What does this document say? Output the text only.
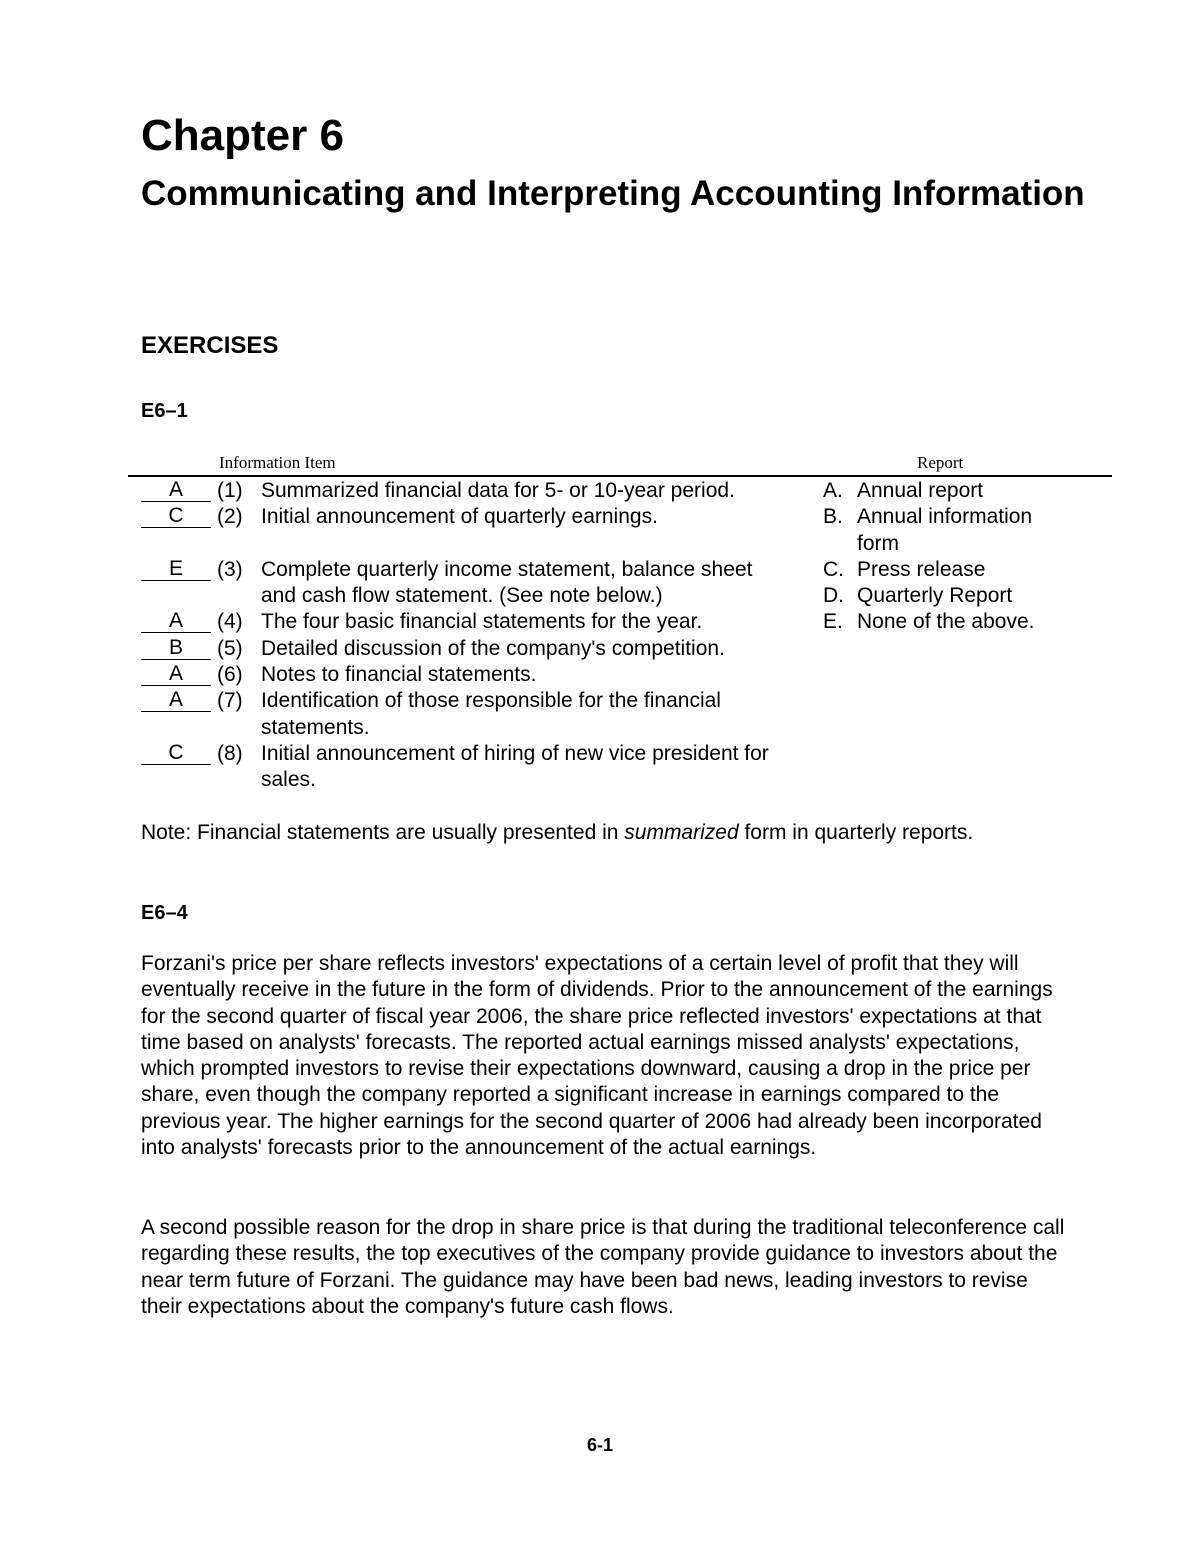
Chapter 6
Communicating and Interpreting Accounting Information
EXERCISES
E6–1
Information Item	Report
A	(1) Summarized financial data for 5- or 10-year period.
C	(2) Initial announcement of quarterly earnings.
E	(3) Complete quarterly income statement, balance sheet and cash flow statement. (See note below.)
A	(4) The four basic financial statements for the year.
B	(5) Detailed discussion of the company's competition.
A	(6) Notes to financial statements.
A	(7) Identification of those responsible for the financial statements.
C	(8) Initial announcement of hiring of new vice president for sales.
A. Annual report
B. Annual information form
C. Press release
D. Quarterly Report
E. None of the above.

Note: Financial statements are usually presented in summarized form in quarterly reports.

E6–4

Forzani's price per share reflects investors' expectations of a certain level of profit that they will eventually receive in the future in the form of dividends. Prior to the announcement of the earnings for the second quarter of fiscal year 2006, the share price reflected investors' expectations at that time based on analysts' forecasts. The reported actual earnings missed analysts' expectations, which prompted investors to revise their expectations downward, causing a drop in the price per share, even though the company reported a significant increase in earnings compared to the previous year. The higher earnings for the second quarter of 2006 had already been incorporated into analysts' forecasts prior to the announcement of the actual earnings.

A second possible reason for the drop in share price is that during the traditional teleconference call regarding these results, the top executives of the company provide guidance to investors about the near term future of Forzani. The guidance may have been bad news, leading investors to revise their expectations about the company's future cash flows.

6-1
